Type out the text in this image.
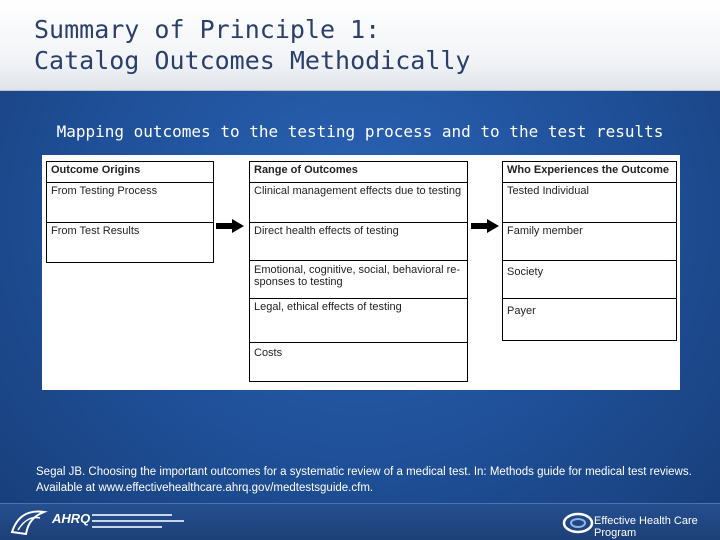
Summary of Principle 1:
Catalog Outcomes Methodically
Mapping outcomes to the testing process and to the test results
Outcome Origins
From Testing Process
From Test Results
Range of Outcomes
Clinical management effects due to testing
Direct health effects of testing
Emotional, cognitive, social, behavioral re-
sponses to testing
Legal, ethical effects of testing
Costs
Who Experiences the Outcome
Tested Individual
Family member
Society
Payer
Segal JB. Choosing the important outcomes for a systematic review of a medical test. In: Methods guide for medical test reviews. Available at www.effectivehealthcare.ahrq.gov/medtestsguide.cfm.
AHRQ	Effective Health Care Program
